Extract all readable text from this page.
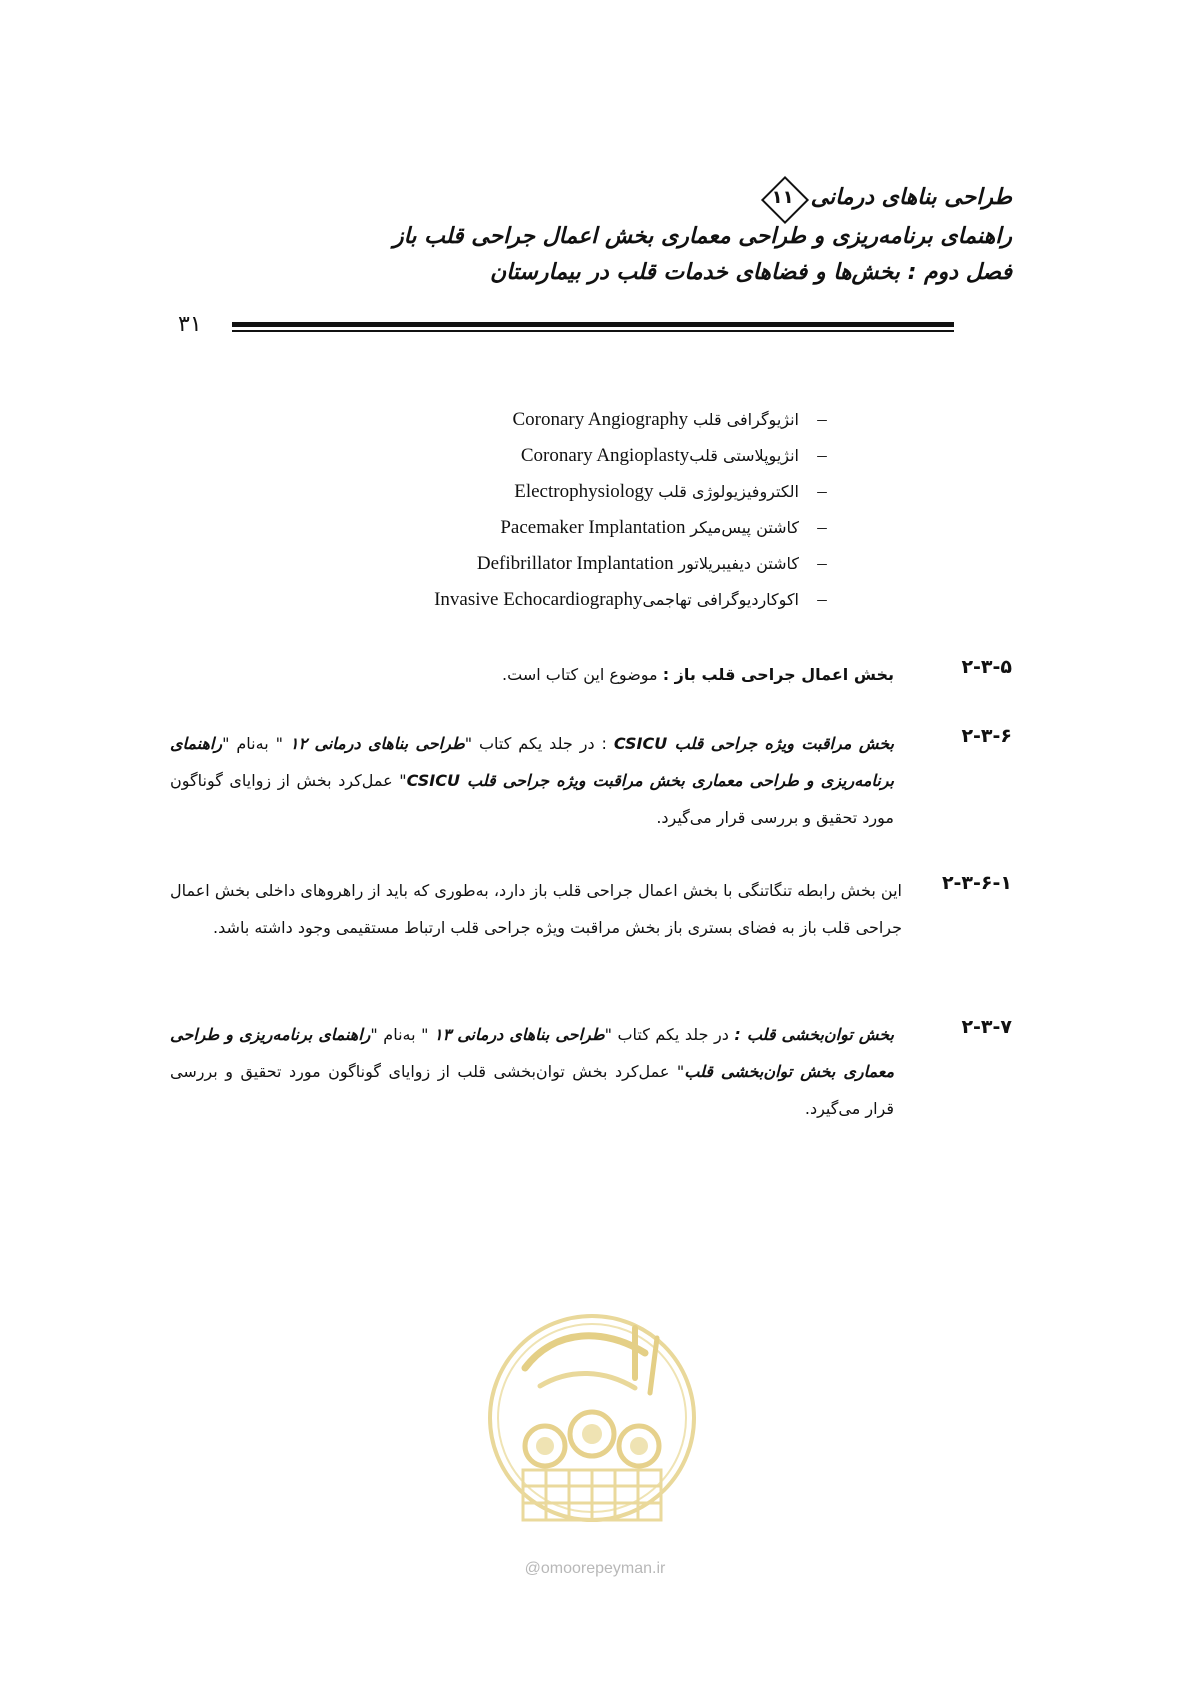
طراحی بناهای درمانی
۱۱
راهنمای برنامه‌ریزی و طراحی معماری بخش اعمال جراحی قلب باز
فصل دوم : بخش‌ها و فضاهای خدمات قلب در بیمارستان
۳۱
–انژیوگرافی قلب Coronary Angiography
–انژیوپلاستی قلبCoronary Angioplasty
–الکتروفیزیولوژی قلب Electrophysiology
–کاشتن پیس‌میکر Pacemaker Implantation
–کاشتن دیفیبریلاتور Defibrillator Implantation
–اکوکاردیوگرافی تهاجمیInvasive Echocardiography
۲-۳-۵
بخش اعمال جراحی قلب باز : موضوع این کتاب است.
۲-۳-۶
بخش مراقبت ویژه جراحی قلب CSICU : در جلد یکم کتاب "طراحی بناهای درمانی ۱۲ " به‌نام "راهنمای برنامه‌ریزی و طراحی معماری بخش مراقبت ویژه جراحی قلب CSICU" عمل‌کرد بخش از زوایای گوناگون مورد تحقیق و بررسی قرار می‌گیرد.
۲-۳-۶-۱
این بخش رابطه تنگاتنگی با بخش اعمال جراحی قلب باز دارد، به‌طوری که باید از راهروهای داخلی بخش اعمال جراحی قلب باز به فضای بستری باز بخش مراقبت ویژه جراحی قلب ارتباط مستقیمی وجود داشته باشد.
۲-۳-۷
بخش توان‌بخشی قلب : در جلد یکم کتاب "طراحی بناهای درمانی ۱۳ " به‌نام "راهنمای برنامه‌ریزی و طراحی معماری بخش توان‌بخشی قلب" عمل‌کرد بخش توان‌بخشی قلب از زوایای گوناگون مورد تحقیق و بررسی قرار می‌گیرد.
@omoorepeyman.ir
